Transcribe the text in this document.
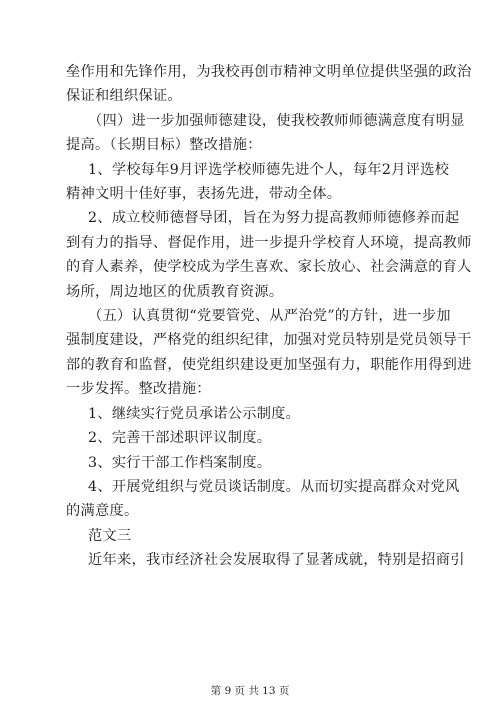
垒作用和先锋作用，为我校再创市精神文明单位提供坚强的政治
保证和组织保证。

（四）进一步加强师德建设，使我校教师师德满意度有明显
提高。（长期目标）整改措施：

1、学校每年9月评选学校师德先进个人，每年2月评选校
精神文明十佳好事，表扬先进，带动全体。

2、成立校师德督导团，旨在为努力提高教师师德修养而起
到有力的指导、督促作用，进一步提升学校育人环境，提高教师
的育人素养，使学校成为学生喜欢、家长放心、社会满意的育人
场所，周边地区的优质教育资源。

（五）认真贯彻“党要管党、从严治党”的方针，进一步加
强制度建设，严格党的组织纪律，加强对党员特别是党员领导干
部的教育和监督，使党组织建设更加坚强有力，职能作用得到进
一步发挥。整改措施：

1、继续实行党员承诺公示制度。

2、完善干部述职评议制度。

3、实行干部工作档案制度。

4、开展党组织与党员谈话制度。从而切实提高群众对党风
的满意度。

范文三

近年来，我市经济社会发展取得了显著成就，特别是招商引

第 9 页 共 13 页
